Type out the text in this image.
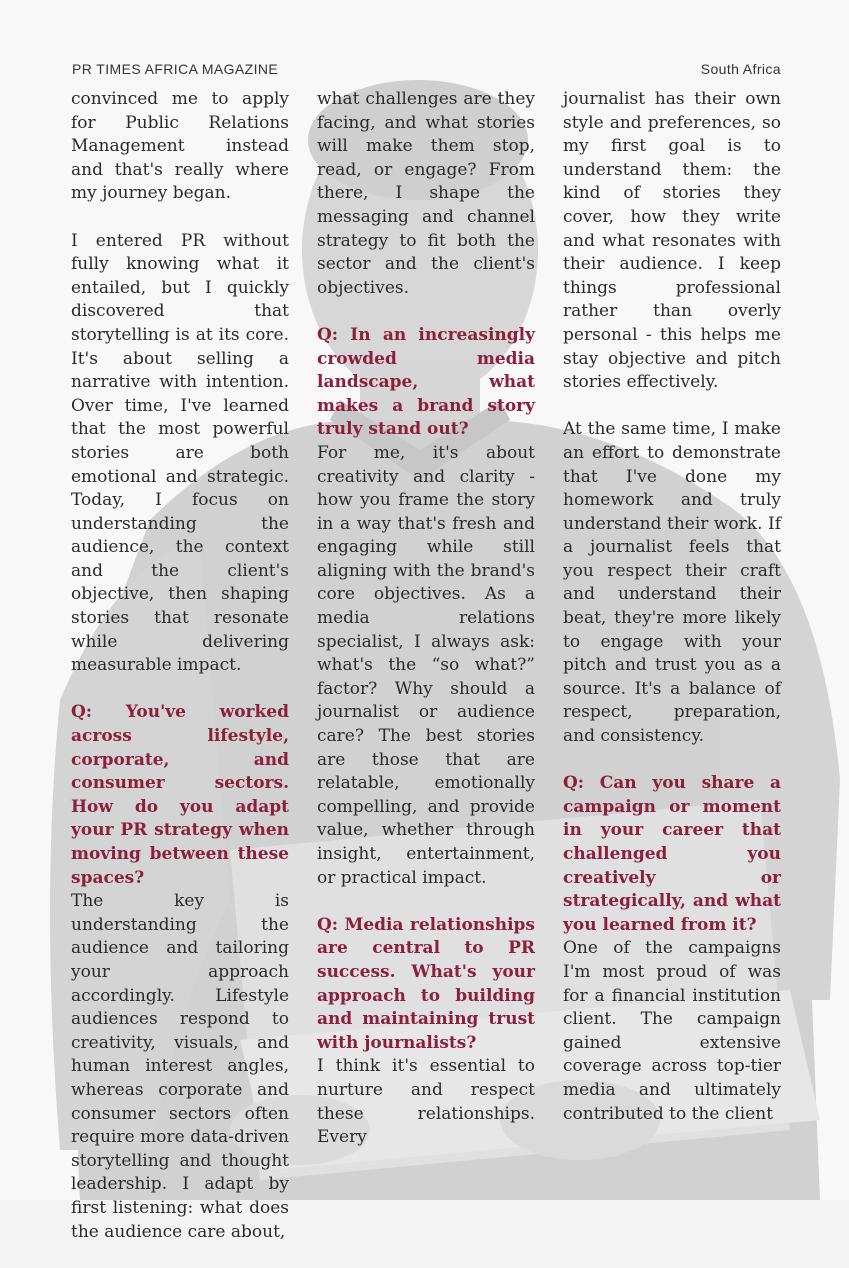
PR TIMES AFRICA MAGAZINE	South Africa

convinced me to apply for Public Relations Management instead and that's really where my journey began.

I entered PR without fully knowing what it entailed, but I quickly discovered that storytelling is at its core. It's about selling a narrative with intention. Over time, I've learned that the most powerful stories are both emotional and strategic. Today, I focus on understanding the audience, the context and the client's objective, then shaping stories that resonate while delivering measurable impact.

Q: You've worked across lifestyle, corporate, and consumer sectors. How do you adapt your PR strategy when moving between these spaces?

The key is understanding the audience and tailoring your approach accordingly. Lifestyle audiences respond to creativity, visuals, and human interest angles, whereas corporate and consumer sectors often require more data-driven storytelling and thought leadership. I adapt by first listening: what does the audience care about,

what challenges are they facing, and what stories will make them stop, read, or engage? From there, I shape the messaging and channel strategy to fit both the sector and the client's objectives.

Q: In an increasingly crowded media landscape, what makes a brand story truly stand out?

For me, it's about creativity and clarity - how you frame the story in a way that's fresh and engaging while still aligning with the brand's core objectives. As a media relations specialist, I always ask: what's the “so what?” factor? Why should a journalist or audience care? The best stories are those that are relatable, emotionally compelling, and provide value, whether through insight, entertainment, or practical impact.

Q: Media relationships are central to PR success. What's your approach to building and maintaining trust with journalists?

I think it's essential to nurture and respect these relationships. Every

journalist has their own style and preferences, so my first goal is to understand them: the kind of stories they cover, how they write and what resonates with their audience. I keep things professional rather than overly personal - this helps me stay objective and pitch stories effectively.

At the same time, I make an effort to demonstrate that I've done my homework and truly understand their work. If a journalist feels that you respect their craft and understand their beat, they're more likely to engage with your pitch and trust you as a source. It's a balance of respect, preparation, and consistency.

Q: Can you share a campaign or moment in your career that challenged you creatively or strategically, and what you learned from it?

One of the campaigns I'm most proud of was for a financial institution client. The campaign gained extensive coverage across top-tier media and ultimately contributed to the client
